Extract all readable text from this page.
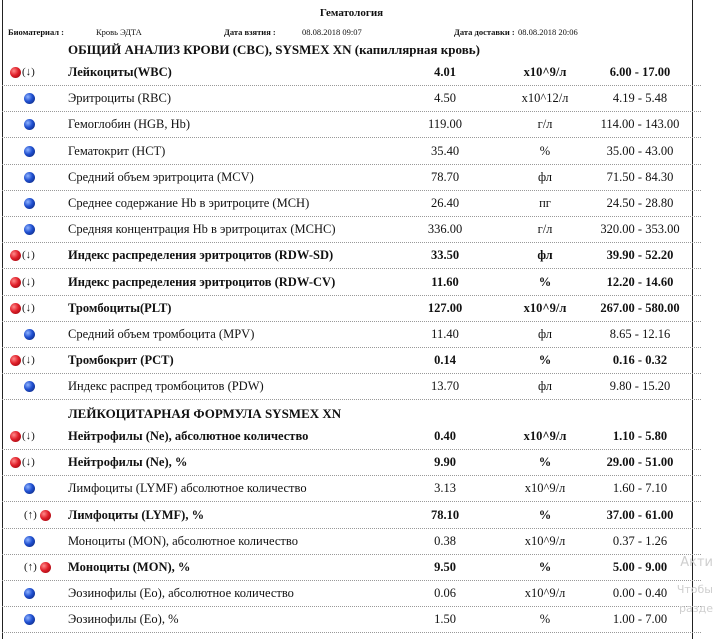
Гематология
Биоматериал :	Кровь ЭДТА	Дата взятия :	08.08.2018 09:07	Дата доставки : 08.08.2018 20:06
ОБЩИЙ АНАЛИЗ КРОВИ (CBC), SYSMEX XN (капиллярная кровь)
(↓)	Лейкоциты(WBC)	4.01	x10^9/л	6.00 - 17.00
Эритроциты (RBC)	4.50	x10^12/л	4.19 - 5.48
Гемоглобин (HGB, Hb)	119.00	г/л	114.00 - 143.00
Гематокрит (HCT)	35.40	%	35.00 - 43.00
Средний объем эритроцита (MCV)	78.70	фл	71.50 - 84.30
Среднее содержание Hb в эритроците (MCH)	26.40	пг	24.50 - 28.80
Средняя концентрация Hb в эритроцитах (MCHC)	336.00	г/л	320.00 - 353.00
(↓)	Индекс распределения эритроцитов (RDW-SD)	33.50	фл	39.90 - 52.20
(↓)	Индекс распределения эритроцитов (RDW-CV)	11.60	%	12.20 - 14.60
(↓)	Тромбоциты(PLT)	127.00	x10^9/л	267.00 - 580.00
Средний объем тромбоцита (MPV)	11.40	фл	8.65 - 12.16
(↓)	Тромбокрит (PCT)	0.14	%	0.16 - 0.32
Индекс распред тромбоцитов (PDW)	13.70	фл	9.80 - 15.20
ЛЕЙКОЦИТАРНАЯ ФОРМУЛА SYSMEX XN
(↓)	Нейтрофилы (Ne), абсолютное количество	0.40	x10^9/л	1.10 - 5.80
(↓)	Нейтрофилы (Ne), %	9.90	%	29.00 - 51.00
Лимфоциты (LYMF) абсолютное количество	3.13	x10^9/л	1.60 - 7.10
(↑) Лимфоциты (LYMF), %	78.10	%	37.00 - 61.00
Моноциты (MON), абсолютное количество	0.38	x10^9/л	0.37 - 1.26
(↑) Моноциты (MON), %	9.50	%	5.00 - 9.00
Эозинофилы (Eo), абсолютное количество	0.06	x10^9/л	0.00 - 0.40
Эозинофилы (Eo), %	1.50	%	1.00 - 7.00
Акти
Чтобы
разде
